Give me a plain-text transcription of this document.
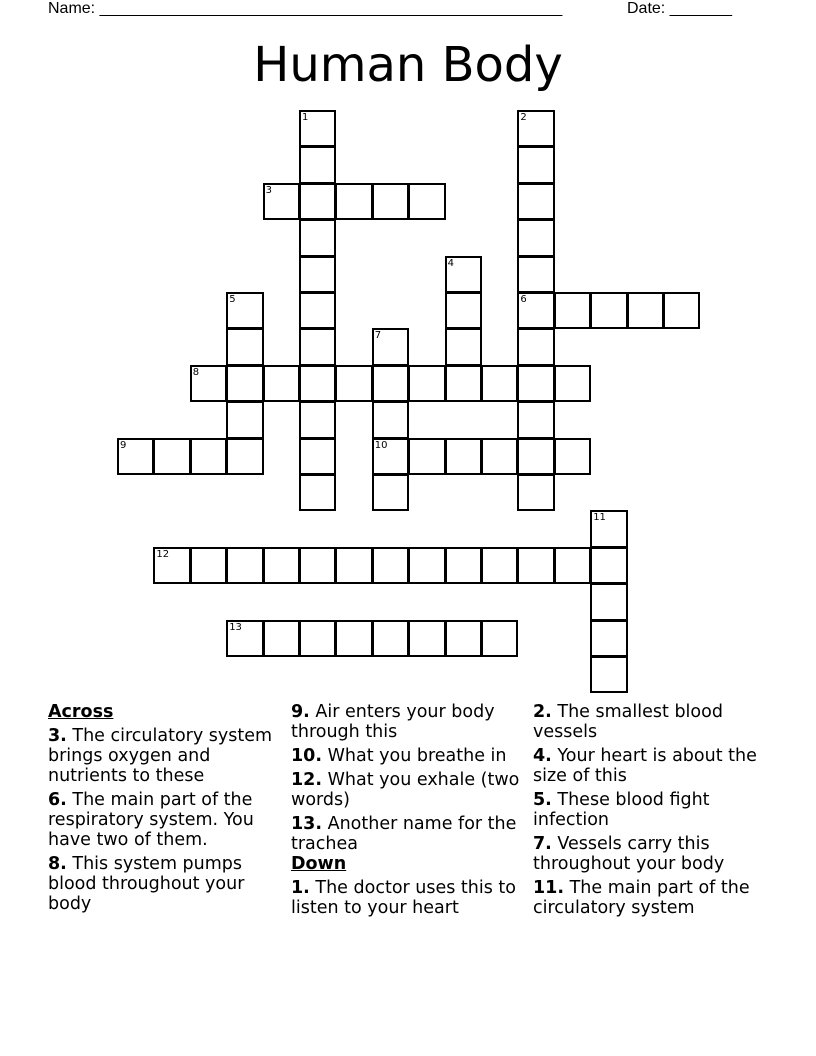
Name: ____________________________________________________	Date: _______
Human Body
1	2
6
3
4
5
7
10
8
9
11
12
13
Across
3. The circulatory system brings oxygen and nutrients to these
6. The main part of the respiratory system. You have two of them.
8. This system pumps blood throughout your body
9. Air enters your body through this
10. What you breathe in
12. What you exhale (two words)
13. Another name for the trachea
Down
1. The doctor uses this to listen to your heart
2. The smallest blood vessels
4. Your heart is about the size of this
5. These blood fight infection
7. Vessels carry this throughout your body
11. The main part of the circulatory system
